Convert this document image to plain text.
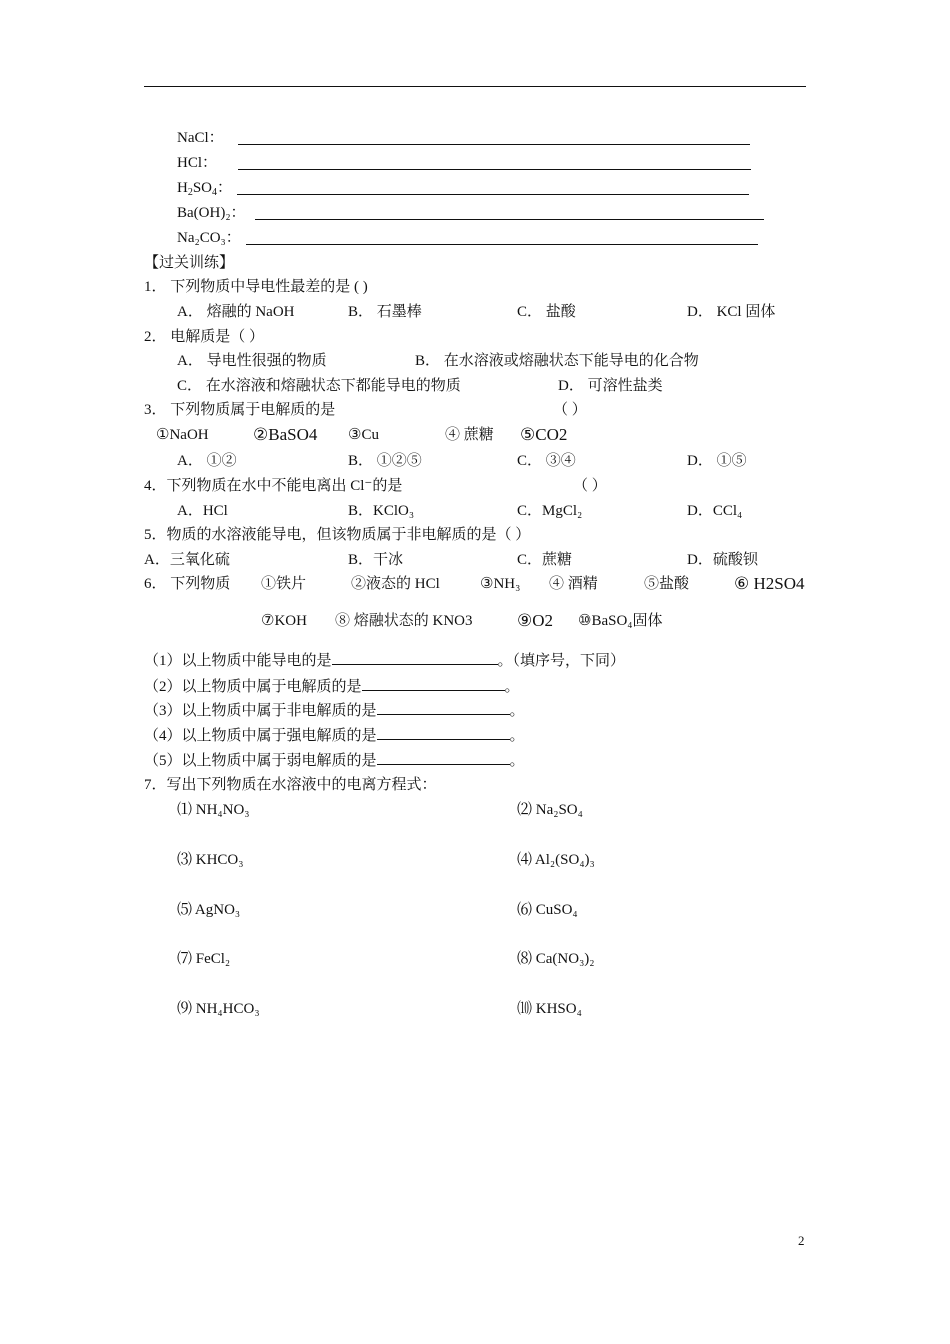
NaCl：
HCl：
$H_2SO_4$：
Ba(OH)₂：
Na₂CO₃：
【过关训练】
1． 下列物质中导电性最差的是 ( )
A． 熔融的 NaOH	B． 石墨棒	C． 盐酸	D． KCl 固体
2． 电解质是（ ）
A． 导电性很强的物质	B． 在水溶液或熔融状态下能导电的化合物
C． 在水溶液和熔融状态下都能导电的物质	D． 可溶性盐类
3． 下列物质属于电解质的是	（ ）
①NaOH	②BaSO4 ③Cu	④ 蔗糖 ⑤CO2
A． ①②	B． ①②⑤	C． ③④	D． ①⑤
4．下列物质在水中不能电离出 Cl⁻的是	（ ）
A．HCl	B．KClO₃	C．MgCl₂	D．CCl₄
5．物质的水溶液能导电，但该物质属于非电解质的是（ ）
A．三氧化硫	B．干冰	C．蔗糖	D．硫酸钡
6． 下列物质 ①铁片	②液态的 HCl	③NH₃ ④ 酒精	⑤盐酸	⑥ H2SO4
⑦KOH ⑧ 熔融状态的 KNO3	⑨O2 ⑩BaSO₄固体
（1）以上物质中能导电的是	。（填序号，下同）
（2）以上物质中属于电解质的是	。
（3）以上物质中属于非电解质的是	。
（4）以上物质中属于强电解质的是	。
（5）以上物质中属于弱电解质的是	。
7．写出下列物质在水溶液中的电离方程式：
⑴ NH₄NO₃	⑵ Na₂SO₄
⑶ KHCO₃	⑷ Al₂(SO₄)₃
⑸ AgNO₃	⑹ CuSO₄
⑺ FeCl₂	⑻ Ca(NO₃)₂
⑼ NH₄HCO₃	⑽ KHSO₄
2
